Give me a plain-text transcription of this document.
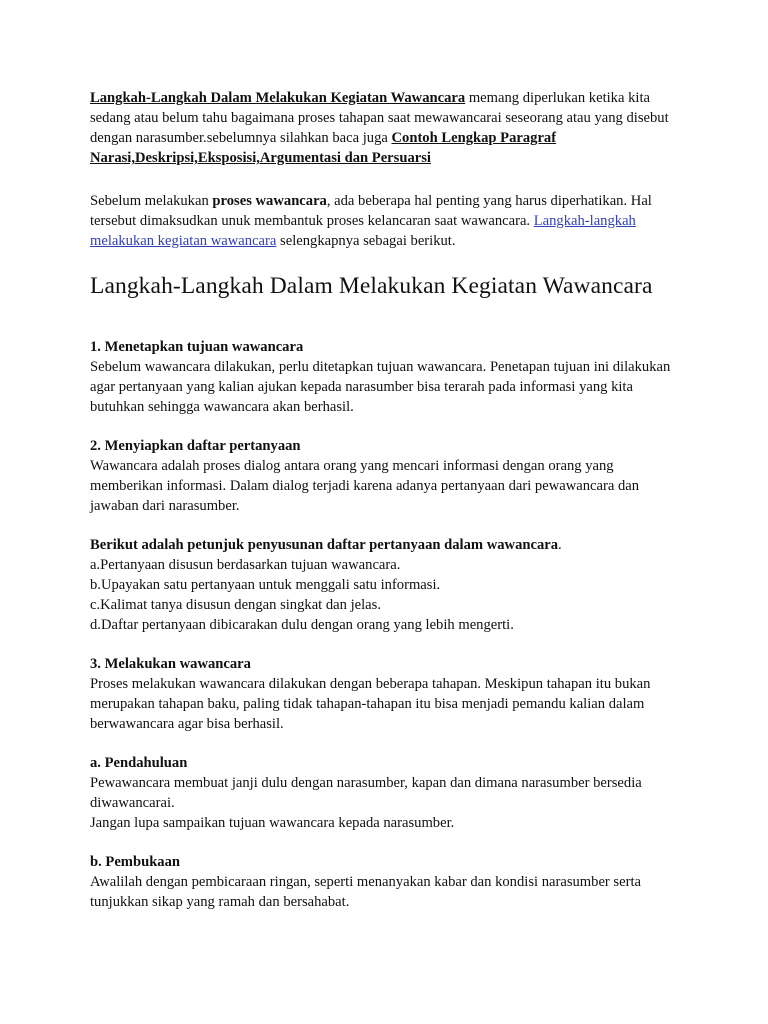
Langkah-Langkah Dalam Melakukan Kegiatan Wawancara memang diperlukan ketika kita sedang atau belum tahu bagaimana proses tahapan saat mewawancarai seseorang atau yang disebut dengan narasumber.sebelumnya silahkan baca juga Contoh Lengkap Paragraf Narasi,Deskripsi,Eksposisi,Argumentasi dan Persuarsi

Sebelum melakukan proses wawancara, ada beberapa hal penting yang harus diperhatikan. Hal tersebut dimaksudkan unuk membantuk proses kelancaran saat wawancara. Langkah-langkah melakukan kegiatan wawancara selengkapnya sebagai berikut.

Langkah-Langkah Dalam Melakukan Kegiatan Wawancara
1. Menetapkan tujuan wawancara
Sebelum wawancara dilakukan, perlu ditetapkan tujuan wawancara. Penetapan tujuan ini dilakukan agar pertanyaan yang kalian ajukan kepada narasumber bisa terarah pada informasi yang kita butuhkan sehingga wawancara akan berhasil.
2. Menyiapkan daftar pertanyaan
Wawancara adalah proses dialog antara orang yang mencari informasi dengan orang yang memberikan informasi. Dalam dialog terjadi karena adanya pertanyaan dari pewawancara dan jawaban dari narasumber.
Berikut adalah petunjuk penyusunan daftar pertanyaan dalam wawancara.
a.Pertanyaan disusun berdasarkan tujuan wawancara.
b.Upayakan satu pertanyaan untuk menggali satu informasi.
c.Kalimat tanya disusun dengan singkat dan jelas.
d.Daftar pertanyaan dibicarakan dulu dengan orang yang lebih mengerti.
3. Melakukan wawancara
Proses melakukan wawancara dilakukan dengan beberapa tahapan. Meskipun tahapan itu bukan merupakan tahapan baku, paling tidak tahapan-tahapan itu bisa menjadi pemandu kalian dalam berwawancara agar bisa berhasil.
a. Pendahuluan
Pewawancara membuat janji dulu dengan narasumber, kapan dan dimana narasumber bersedia diwawancarai.
Jangan lupa sampaikan tujuan wawancara kepada narasumber.
b. Pembukaan
Awalilah dengan pembicaraan ringan, seperti menanyakan kabar dan kondisi narasumber serta tunjukkan sikap yang ramah dan bersahabat.
